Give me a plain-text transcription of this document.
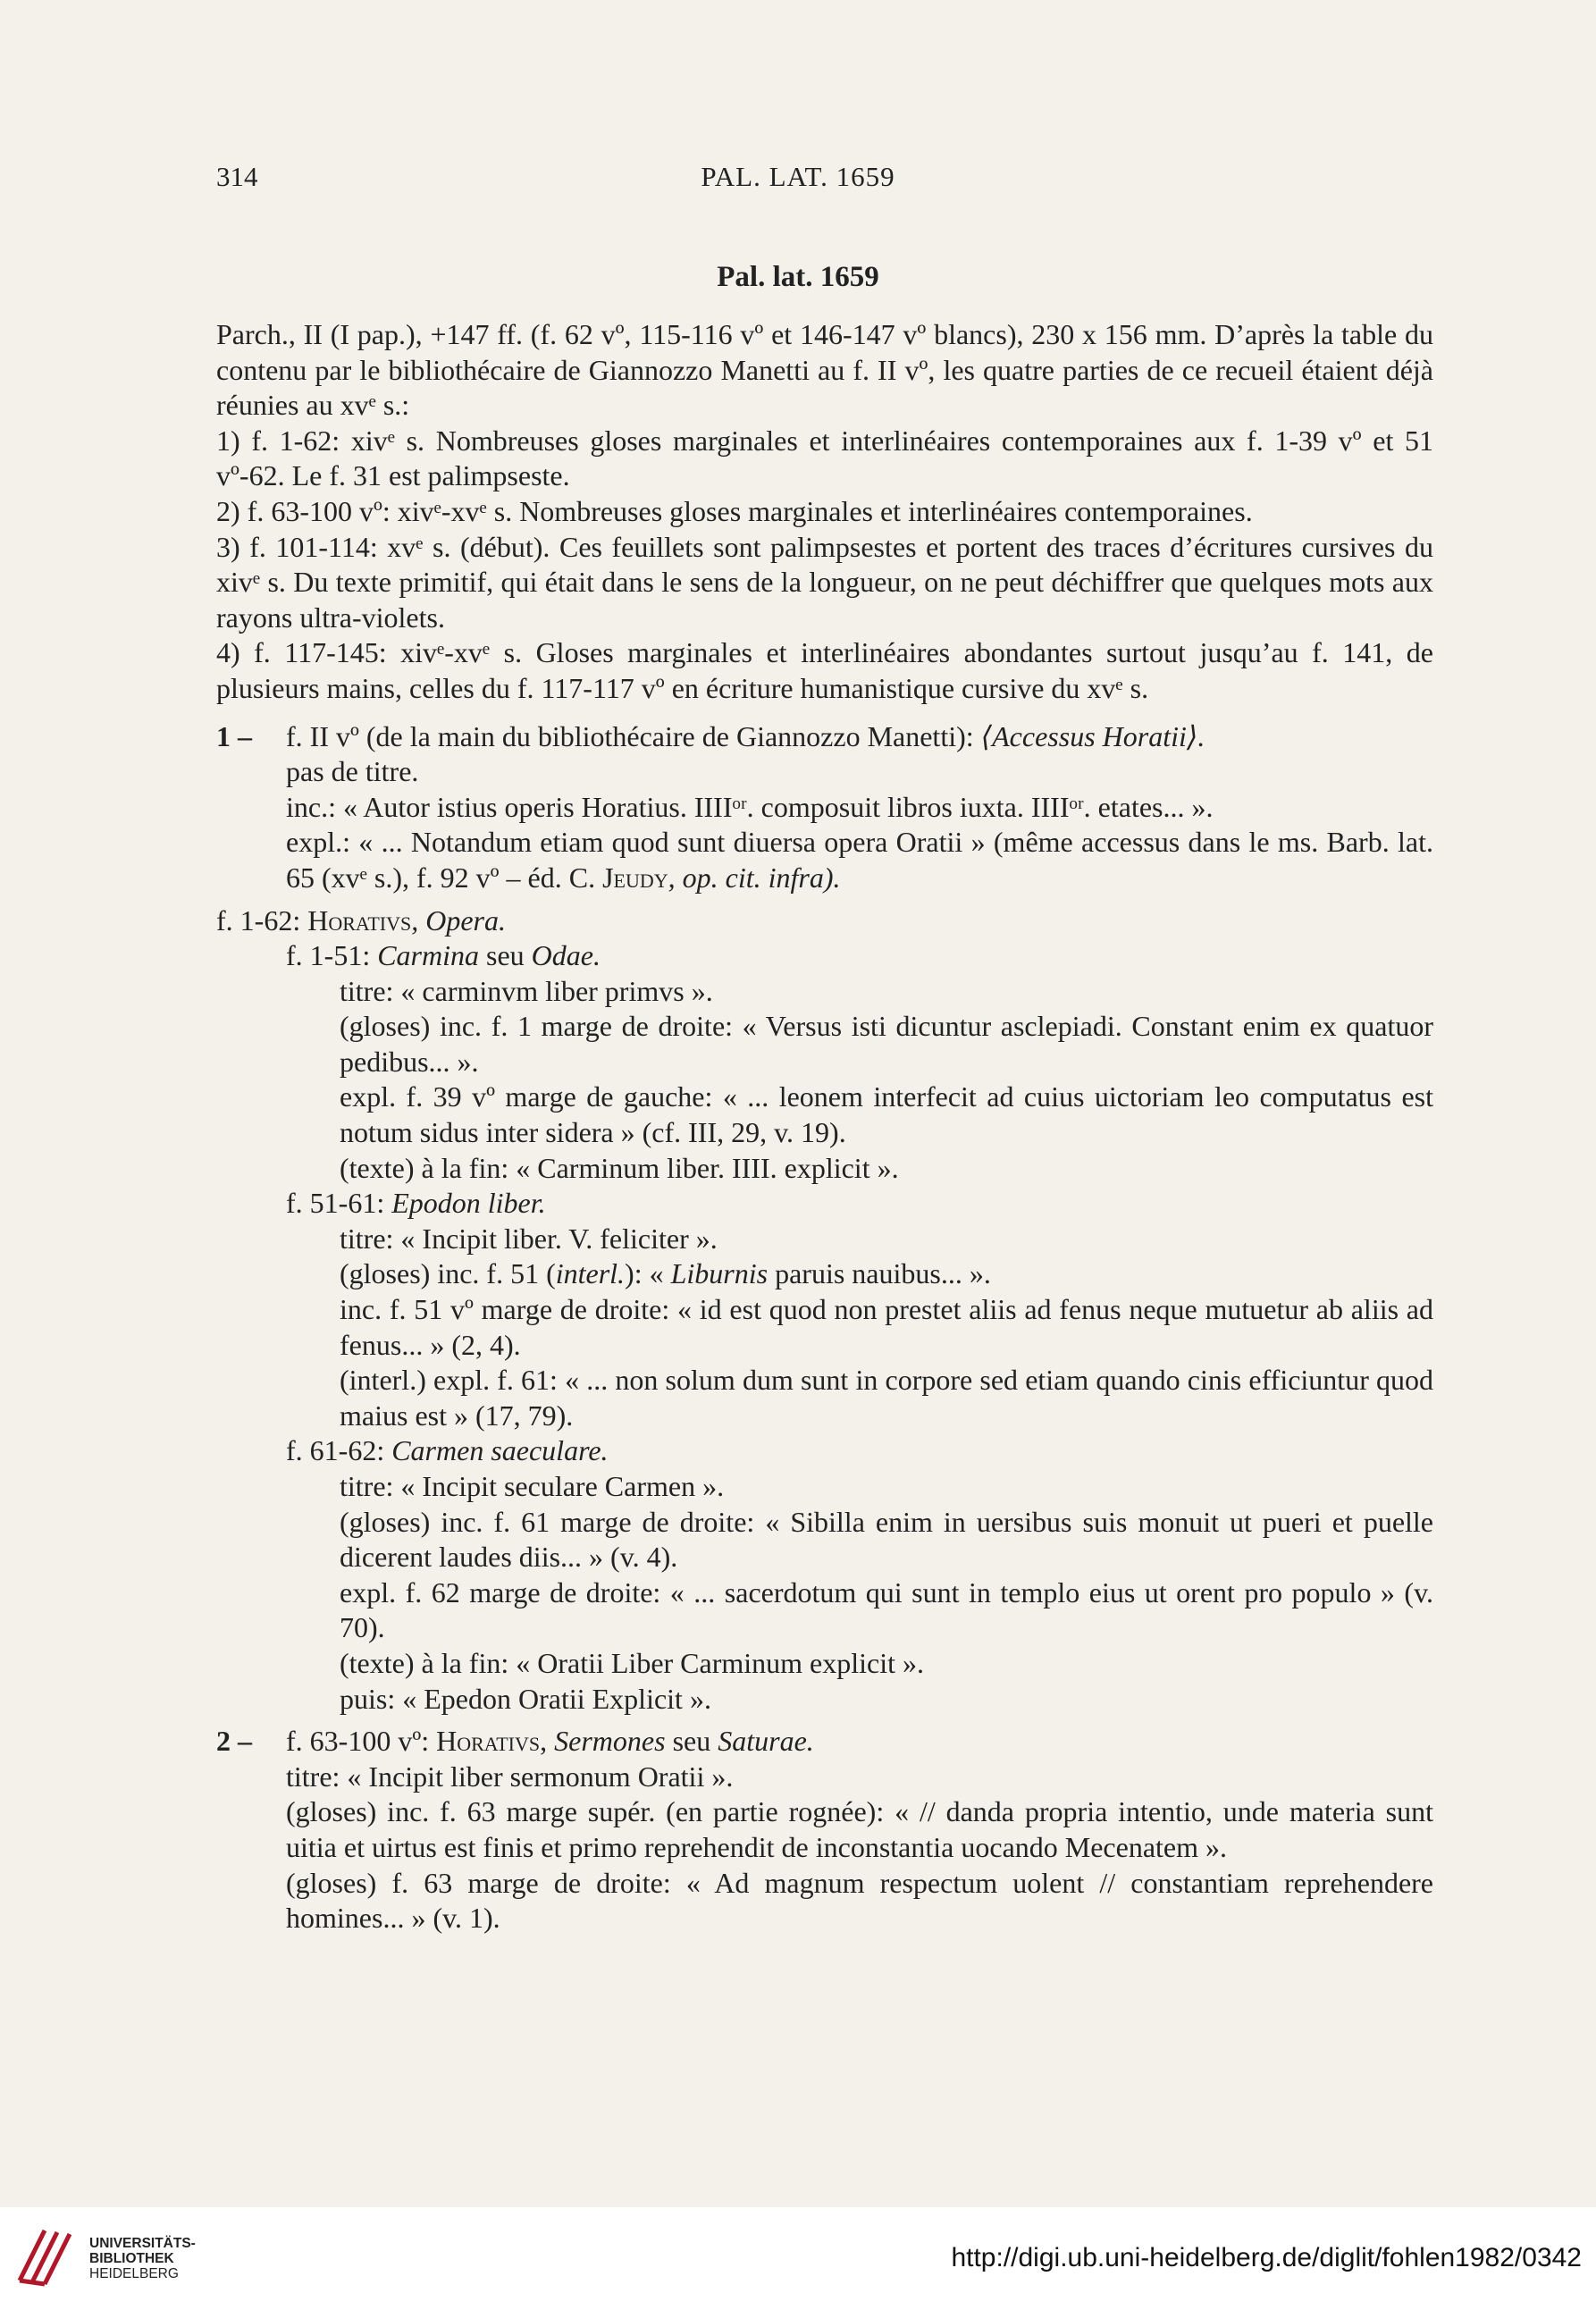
314	PAL. LAT. 1659
Pal. lat. 1659

Parch., II (I pap.), +147 ff. (f. 62 vº, 115-116 vº et 146-147 vº blancs), 230 x 156 mm. D’après la table du contenu par le bibliothécaire de Giannozzo Manetti au f. II vº, les quatre parties de ce recueil étaient déjà réunies au xvᵉ s.:

1) f. 1-62: xivᵉ s. Nombreuses gloses marginales et interlinéaires contemporaines aux f. 1-39 vº et 51 vº-62. Le f. 31 est palimpseste.

2) f. 63-100 vº: xivᵉ-xvᵉ s. Nombreuses gloses marginales et interlinéaires contemporaines.

3) f. 101-114: xvᵉ s. (début). Ces feuillets sont palimpsestes et portent des traces d’écritures cursives du xivᵉ s. Du texte primitif, qui était dans le sens de la longueur, on ne peut déchiffrer que quelques mots aux rayons ultra-violets.

4) f. 117-145: xivᵉ-xvᵉ s. Gloses marginales et interlinéaires abondantes surtout jusqu’au f. 141, de plusieurs mains, celles du f. 117-117 vº en écriture humanistique cursive du xvᵉ s.

1 – f. II vº (de la main du bibliothécaire de Giannozzo Manetti): ⟨Accessus Horatii⟩.

pas de titre.

inc.: « Autor istius operis Horatius. IIIIᵒʳ. composuit libros iuxta. IIIIᵒʳ. etates... ».

expl.: « ... Notandum etiam quod sunt diuersa opera Oratii » (même accessus dans le ms. Barb. lat. 65 (xvᵉ s.), f. 92 vº – éd. C. Jeudy, op. cit. infra).

f. 1-62: Horativs, Opera.

f. 1-51: Carmina seu Odae.

titre: « carminvm liber primvs ».

(gloses) inc. f. 1 marge de droite: « Versus isti dicuntur asclepiadi. Constant enim ex quatuor pedibus... ».

expl. f. 39 vº marge de gauche: « ... leonem interfecit ad cuius uictoriam leo computatus est notum sidus inter sidera » (cf. III, 29, v. 19).

(texte) à la fin: « Carminum liber. IIII. explicit ».

f. 51-61: Epodon liber.

titre: « Incipit liber. V. feliciter ».

(gloses) inc. f. 51 (interl.): « Liburnis paruis nauibus... ».

inc. f. 51 vº marge de droite: « id est quod non prestet aliis ad fenus neque mutuetur ab aliis ad fenus... » (2, 4).

(interl.) expl. f. 61: « ... non solum dum sunt in corpore sed etiam quando cinis efficiuntur quod maius est » (17, 79).

f. 61-62: Carmen saeculare.

titre: « Incipit seculare Carmen ».

(gloses) inc. f. 61 marge de droite: « Sibilla enim in uersibus suis monuit ut pueri et puelle dicerent laudes diis... » (v. 4).

expl. f. 62 marge de droite: « ... sacerdotum qui sunt in templo eius ut orent pro populo » (v. 70).

(texte) à la fin: « Oratii Liber Carminum explicit ».

puis: « Epedon Oratii Explicit ».

2 – f. 63-100 vº: Horativs, Sermones seu Saturae.

titre: « Incipit liber sermonum Oratii ».

(gloses) inc. f. 63 marge supér. (en partie rognée): « // danda propria intentio, unde materia sunt uitia et uirtus est finis et primo reprehendit de inconstantia uocando Mecenatem ».

(gloses) f. 63 marge de droite: « Ad magnum respectum uolent // constantiam reprehendere homines... » (v. 1).

UNIVERSITÄTS-
BIBLIOTHEK
HEIDELBERG
http://digi.ub.uni-heidelberg.de/diglit/fohlen1982/0342
